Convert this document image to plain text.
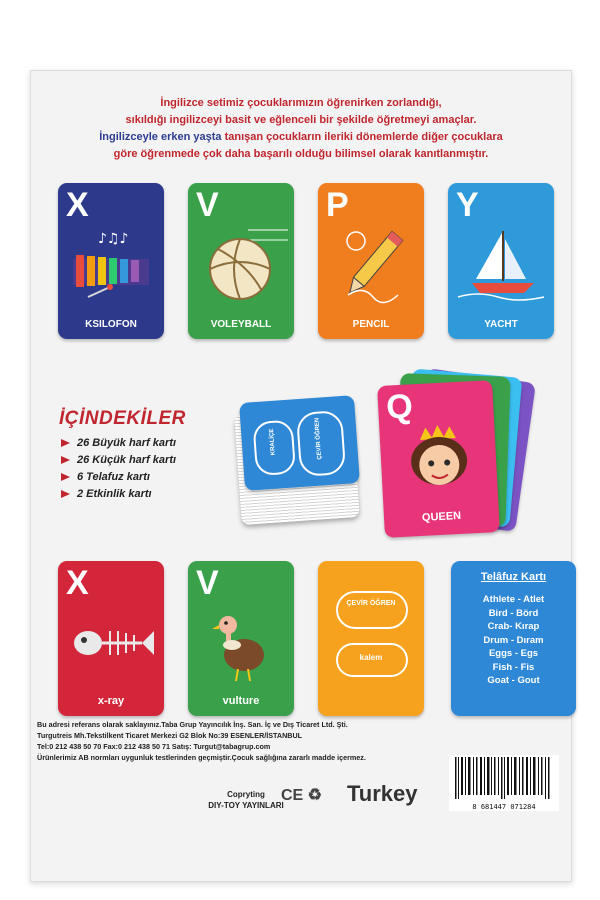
İngilizce setimiz çocuklarımızın öğrenirken zorlandığı,
sıkıldığı ingilizceyi basit ve eğlenceli bir şekilde öğretmeyi amaçlar.
İngilizceyle erken yaşta tanışan çocukların ileriki dönemlerde diğer çocuklara
göre öğrenmede çok daha başarılı olduğu bilimsel olarak kanıtlanmıştır.
X
♪♫♪
KSILOFON
V
VOLEYBALL
P
PENCIL
Y
YACHT
İÇİNDEKİLER
26 Büyük harf kartı
26 Küçük harf kartı
6 Telafuz kartı
2 Etkinlik kartı
KRALİÇE	ÇEVİR ÖĞREN
Q
QUEEN
X
x-ray
V
vulture
ÇEVİR ÖĞREN
kalem
Telâfuz Kartı
Athlete - Atlet
Bird - Börd
Crab- Kırap
Drum - Dıram
Eggs - Egs
Fish - Fis
Goat - Gout
Bu adresi referans olarak saklayınız.Taba Grup Yayıncılık İnş. San. İç ve Dış Ticaret Ltd. Şti.
Turgutreis Mh.Tekstilkent Ticaret Merkezi G2 Blok No:39 ESENLER/İSTANBUL
Tel:0 212 438 50 70 Fax:0 212 438 50 71 Satış: Turgut@tabagrup.com
Ürünlerimiz AB normları uygunluk testlerinden geçmiştir.Çocuk sağlığına zararlı madde içermez.
Copryting
DIY-TOY YAYINLARI
CE ♻ Turkey
8 681447 071284
